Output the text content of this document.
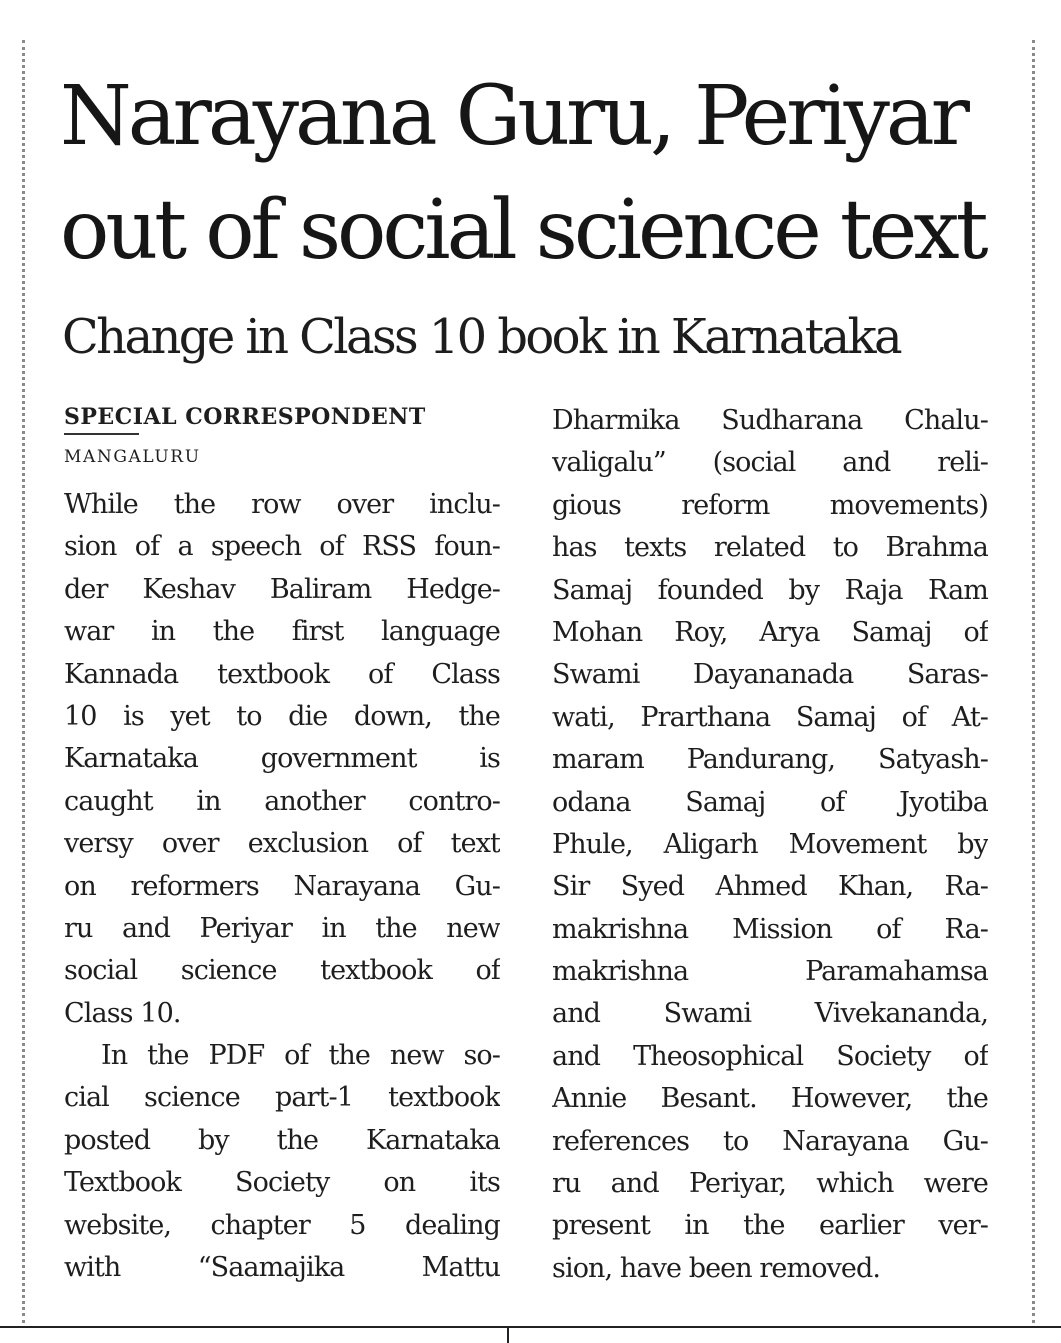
Narayana Guru, Periyar
out of social science text
Change in Class 10 book in Karnataka
SPECIAL CORRESPONDENT
MANGALURU
While the row over inclu-
sion of a speech of RSS foun-
der Keshav Baliram Hedge-
war in the first language
Kannada textbook of Class
10 is yet to die down, the
Karnataka government is
caught in another contro-
versy over exclusion of text
on reformers Narayana Gu-
ru and Periyar in the new
social science textbook of
Class 10.
In the PDF of the new so-
cial science part-1 textbook
posted by the Karnataka
Textbook Society on its
website, chapter 5 dealing
with “Saamajika Mattu
Dharmika Sudharana Chalu-
valigalu” (social and reli-
gious reform movements)
has texts related to Brahma
Samaj founded by Raja Ram
Mohan Roy, Arya Samaj of
Swami Dayananada Saras-
wati, Prarthana Samaj of At-
maram Pandurang, Satyash-
odana Samaj of Jyotiba
Phule, Aligarh Movement by
Sir Syed Ahmed Khan, Ra-
makrishna Mission of Ra-
makrishna Paramahamsa
and Swami Vivekananda,
and Theosophical Society of
Annie Besant. However, the
references to Narayana Gu-
ru and Periyar, which were
present in the earlier ver-
sion, have been removed.
